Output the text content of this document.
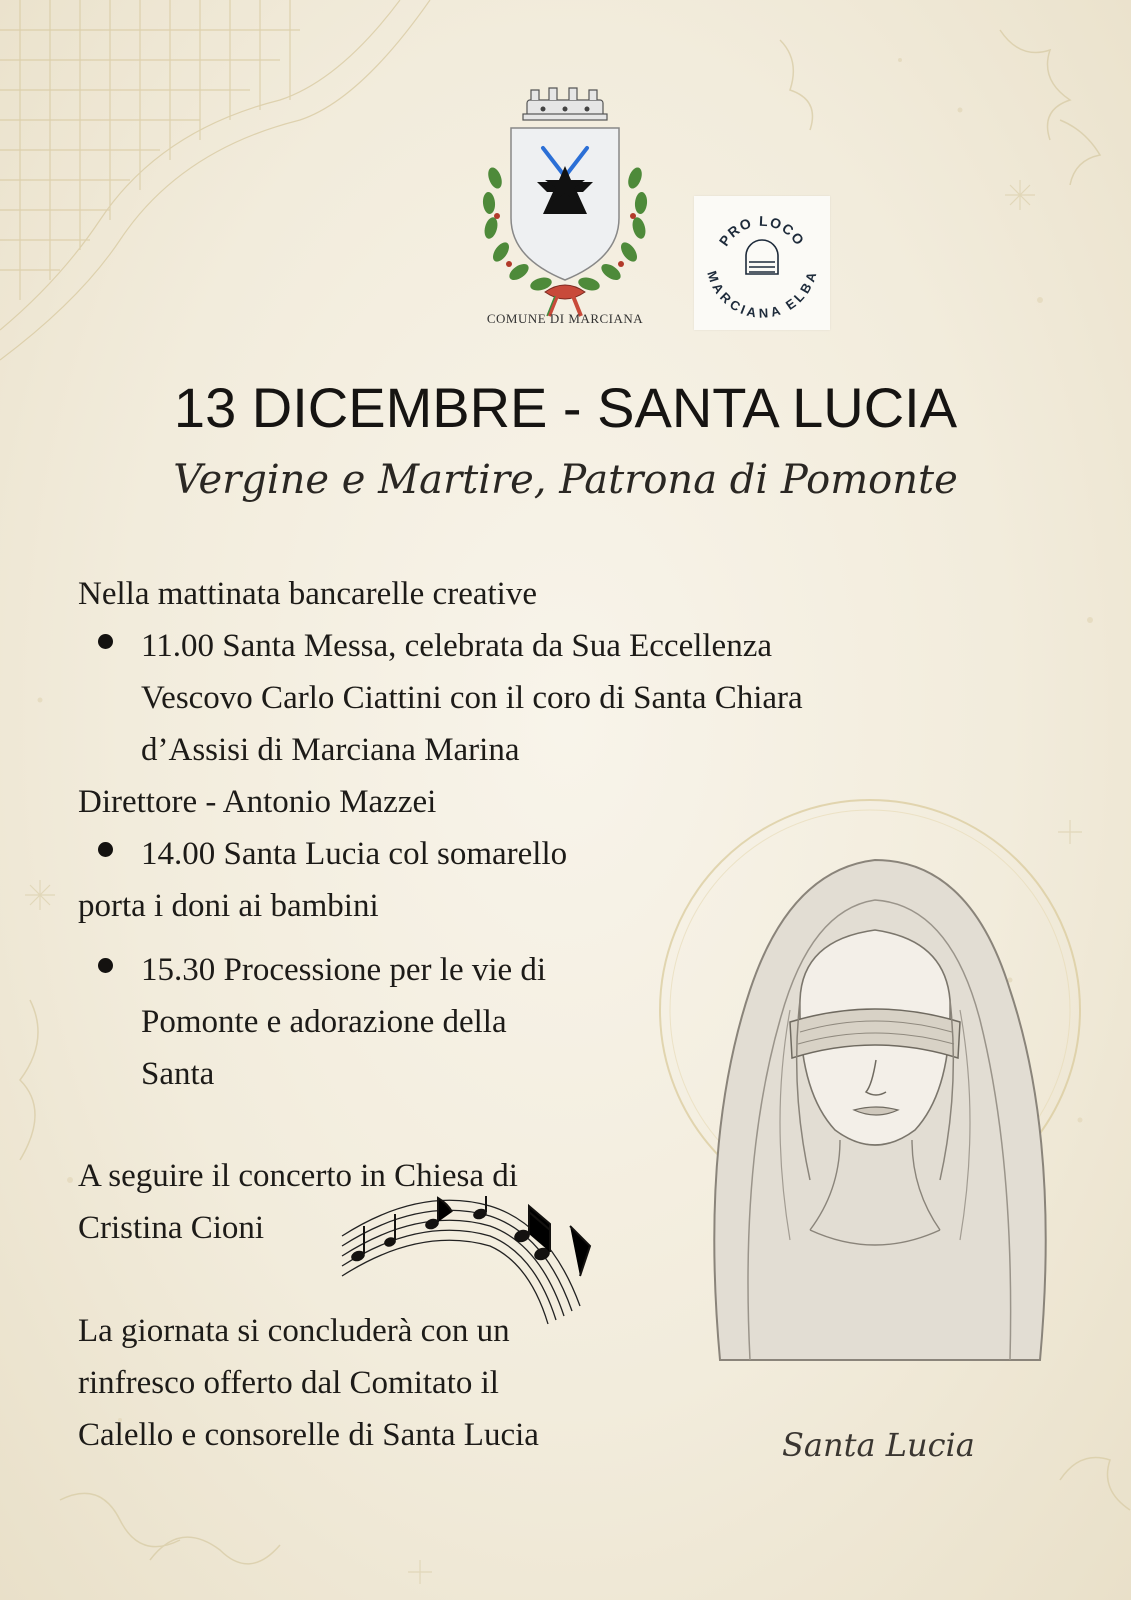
COMUNE DI MARCIANA
PRO LOCO
MARCIANA ELBA
13 DICEMBRE - SANTA LUCIA
Vergine e Martire, Patrona di Pomonte
Nella mattinata bancarelle creative
11.00 Santa Messa, celebrata da Sua Eccellenza
Vescovo Carlo Ciattini con il coro di Santa Chiara
d’Assisi di Marciana Marina
Direttore - Antonio Mazzei
14.00 Santa Lucia col somarello
porta i doni ai bambini
15.30 Processione per le vie di
Pomonte e adorazione della
Santa
A seguire il concerto in Chiesa di
Cristina Cioni
La giornata si concluderà con un
rinfresco offerto dal Comitato il
Calello e consorelle di Santa Lucia	Santa Lucia
